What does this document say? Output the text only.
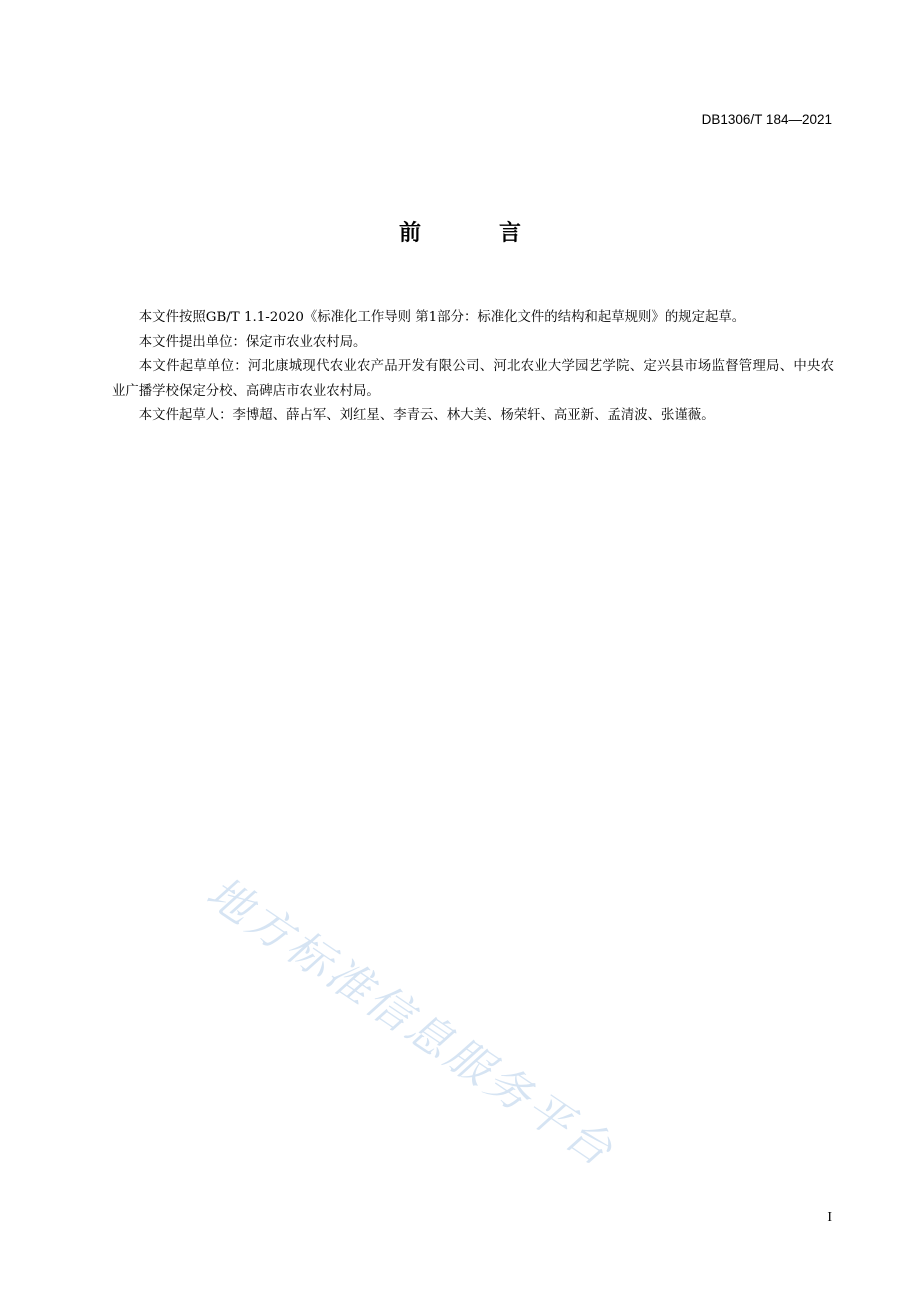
DB1306/T 184—2021
前　言

本文件按照GB/T 1.1-2020《标准化工作导则 第1部分：标准化文件的结构和起草规则》的规定起草。

本文件提出单位：保定市农业农村局。

本文件起草单位：河北康城现代农业农产品开发有限公司、河北农业大学园艺学院、定兴县市场监督管理局、中央农业广播学校保定分校、高碑店市农业农村局。

本文件起草人：李博超、薛占军、刘红星、李青云、林大美、杨荣轩、高亚新、孟清波、张谨薇。

地方标准信息服务平台
I
